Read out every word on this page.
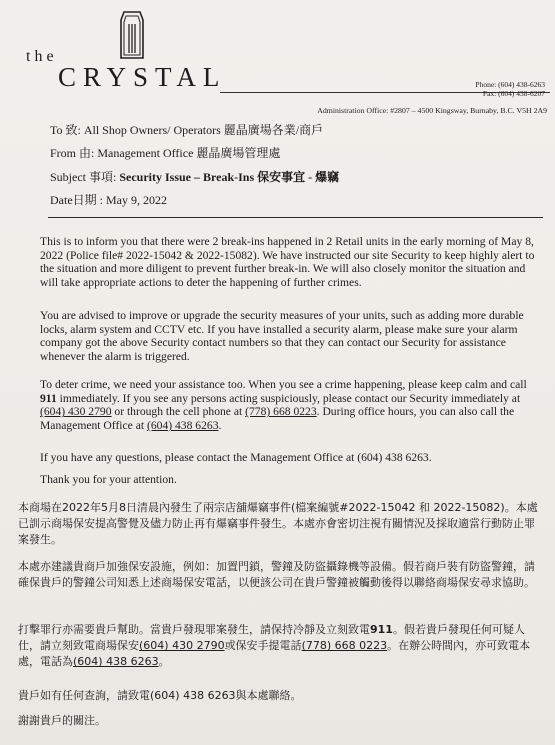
the
CRYSTAL	Phone: (604) 438-6263
Fax: (604) 438-6207
Administration Office: #2807 – 4500 Kingsway, Burnaby, B.C. V5H 2A9
To 致: All Shop Owners/ Operators 麗晶廣場各業/商戶
From 由: Management Office 麗晶廣場管理處
Subject 事項: Security Issue – Break-Ins 保安事宜 - 爆竊
Date日期 : May 9, 2022
This is to inform you that there were 2 break-ins happened in 2 Retail units in the early morning of May 8, 2022 (Police file# 2022-15042 & 2022-15082). We have instructed our site Security to keep highly alert to the situation and more diligent to prevent further break-in. We will also closely monitor the situation and will take appropriate actions to deter the happening of further crimes.
You are advised to improve or upgrade the security measures of your units, such as adding more durable locks, alarm system and CCTV etc. If you have installed a security alarm, please make sure your alarm company got the above Security contact numbers so that they can contact our Security for assistance whenever the alarm is triggered.
To deter crime, we need your assistance too. When you see a crime happening, please keep calm and call 911 immediately. If you see any persons acting suspiciously, please contact our Security immediately at (604) 430 2790 or through the cell phone at (778) 668 0223. During office hours, you can also call the Management Office at (604) 438 6263.
If you have any questions, please contact the Management Office at (604) 438 6263.
Thank you for your attention.
本商場在2022年5月8日清晨內發生了兩宗店舖爆竊事件(檔案編號#2022-15042 和 2022-15082)。本處已訓示商場保安提高警覺及儘力防止再有爆竊事件發生。本處亦會密切注視有關情況及採取適當行動防止罪案發生。
本處亦建議貴商戶加強保安設施，例如：加置門鎖，警鐘及防盜攝錄機等設備。假若商戶裝有防盜警鐘，請確保貴戶的警鐘公司知悉上述商場保安電話，以便該公司在貴戶警鐘被觸動後得以聯絡商場保安尋求協助。
打擊罪行亦需要貴戶幫助。當貴戶發現罪案發生，請保持冷靜及立刻致電911。假若貴戶發現任何可疑人仕，請立刻致電商場保安(604) 430 2790或保安手提電話(778) 668 0223。在辦公時間內，亦可致電本處，電話為(604) 438 6263。
貴戶如有任何查詢，請致電(604) 438 6263與本處聯絡。
謝謝貴戶的關注。
